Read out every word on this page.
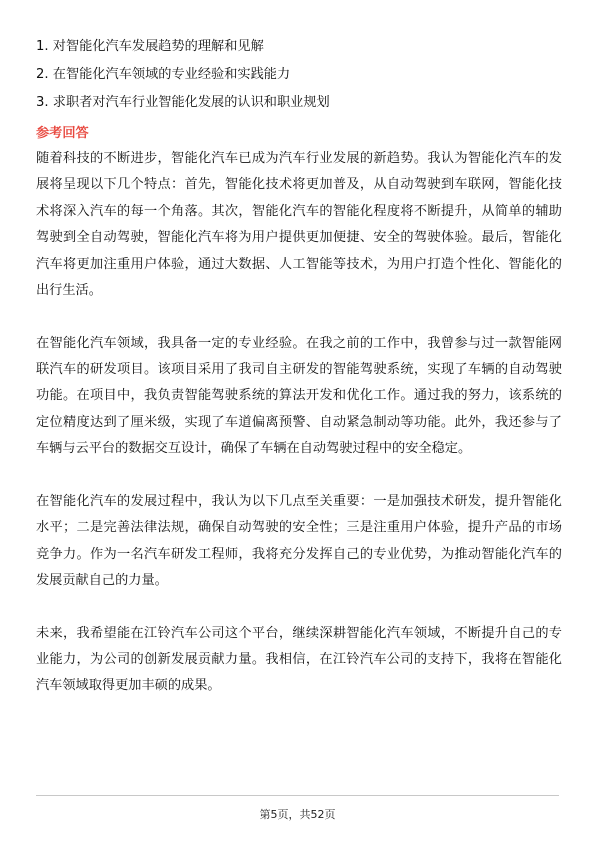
1. 对智能化汽车发展趋势的理解和见解
2. 在智能化汽车领域的专业经验和实践能力
3. 求职者对汽车行业智能化发展的认识和职业规划
参考回答

随着科技的不断进步，智能化汽车已成为汽车行业发展的新趋势。我认为智能化汽车的发展将呈现以下几个特点：首先，智能化技术将更加普及，从自动驾驶到车联网，智能化技术将深入汽车的每一个角落。其次，智能化汽车的智能化程度将不断提升，从简单的辅助驾驶到全自动驾驶，智能化汽车将为用户提供更加便捷、安全的驾驶体验。最后，智能化汽车将更加注重用户体验，通过大数据、人工智能等技术，为用户打造个性化、智能化的出行生活。

在智能化汽车领域，我具备一定的专业经验。在我之前的工作中，我曾参与过一款智能网联汽车的研发项目。该项目采用了我司自主研发的智能驾驶系统，实现了车辆的自动驾驶功能。在项目中，我负责智能驾驶系统的算法开发和优化工作。通过我的努力，该系统的定位精度达到了厘米级，实现了车道偏离预警、自动紧急制动等功能。此外，我还参与了车辆与云平台的数据交互设计，确保了车辆在自动驾驶过程中的安全稳定。

在智能化汽车的发展过程中，我认为以下几点至关重要：一是加强技术研发，提升智能化水平；二是完善法律法规，确保自动驾驶的安全性；三是注重用户体验，提升产品的市场竞争力。作为一名汽车研发工程师，我将充分发挥自己的专业优势，为推动智能化汽车的发展贡献自己的力量。

未来，我希望能在江铃汽车公司这个平台，继续深耕智能化汽车领域，不断提升自己的专业能力，为公司的创新发展贡献力量。我相信，在江铃汽车公司的支持下，我将在智能化汽车领域取得更加丰硕的成果。

第5页，共52页
